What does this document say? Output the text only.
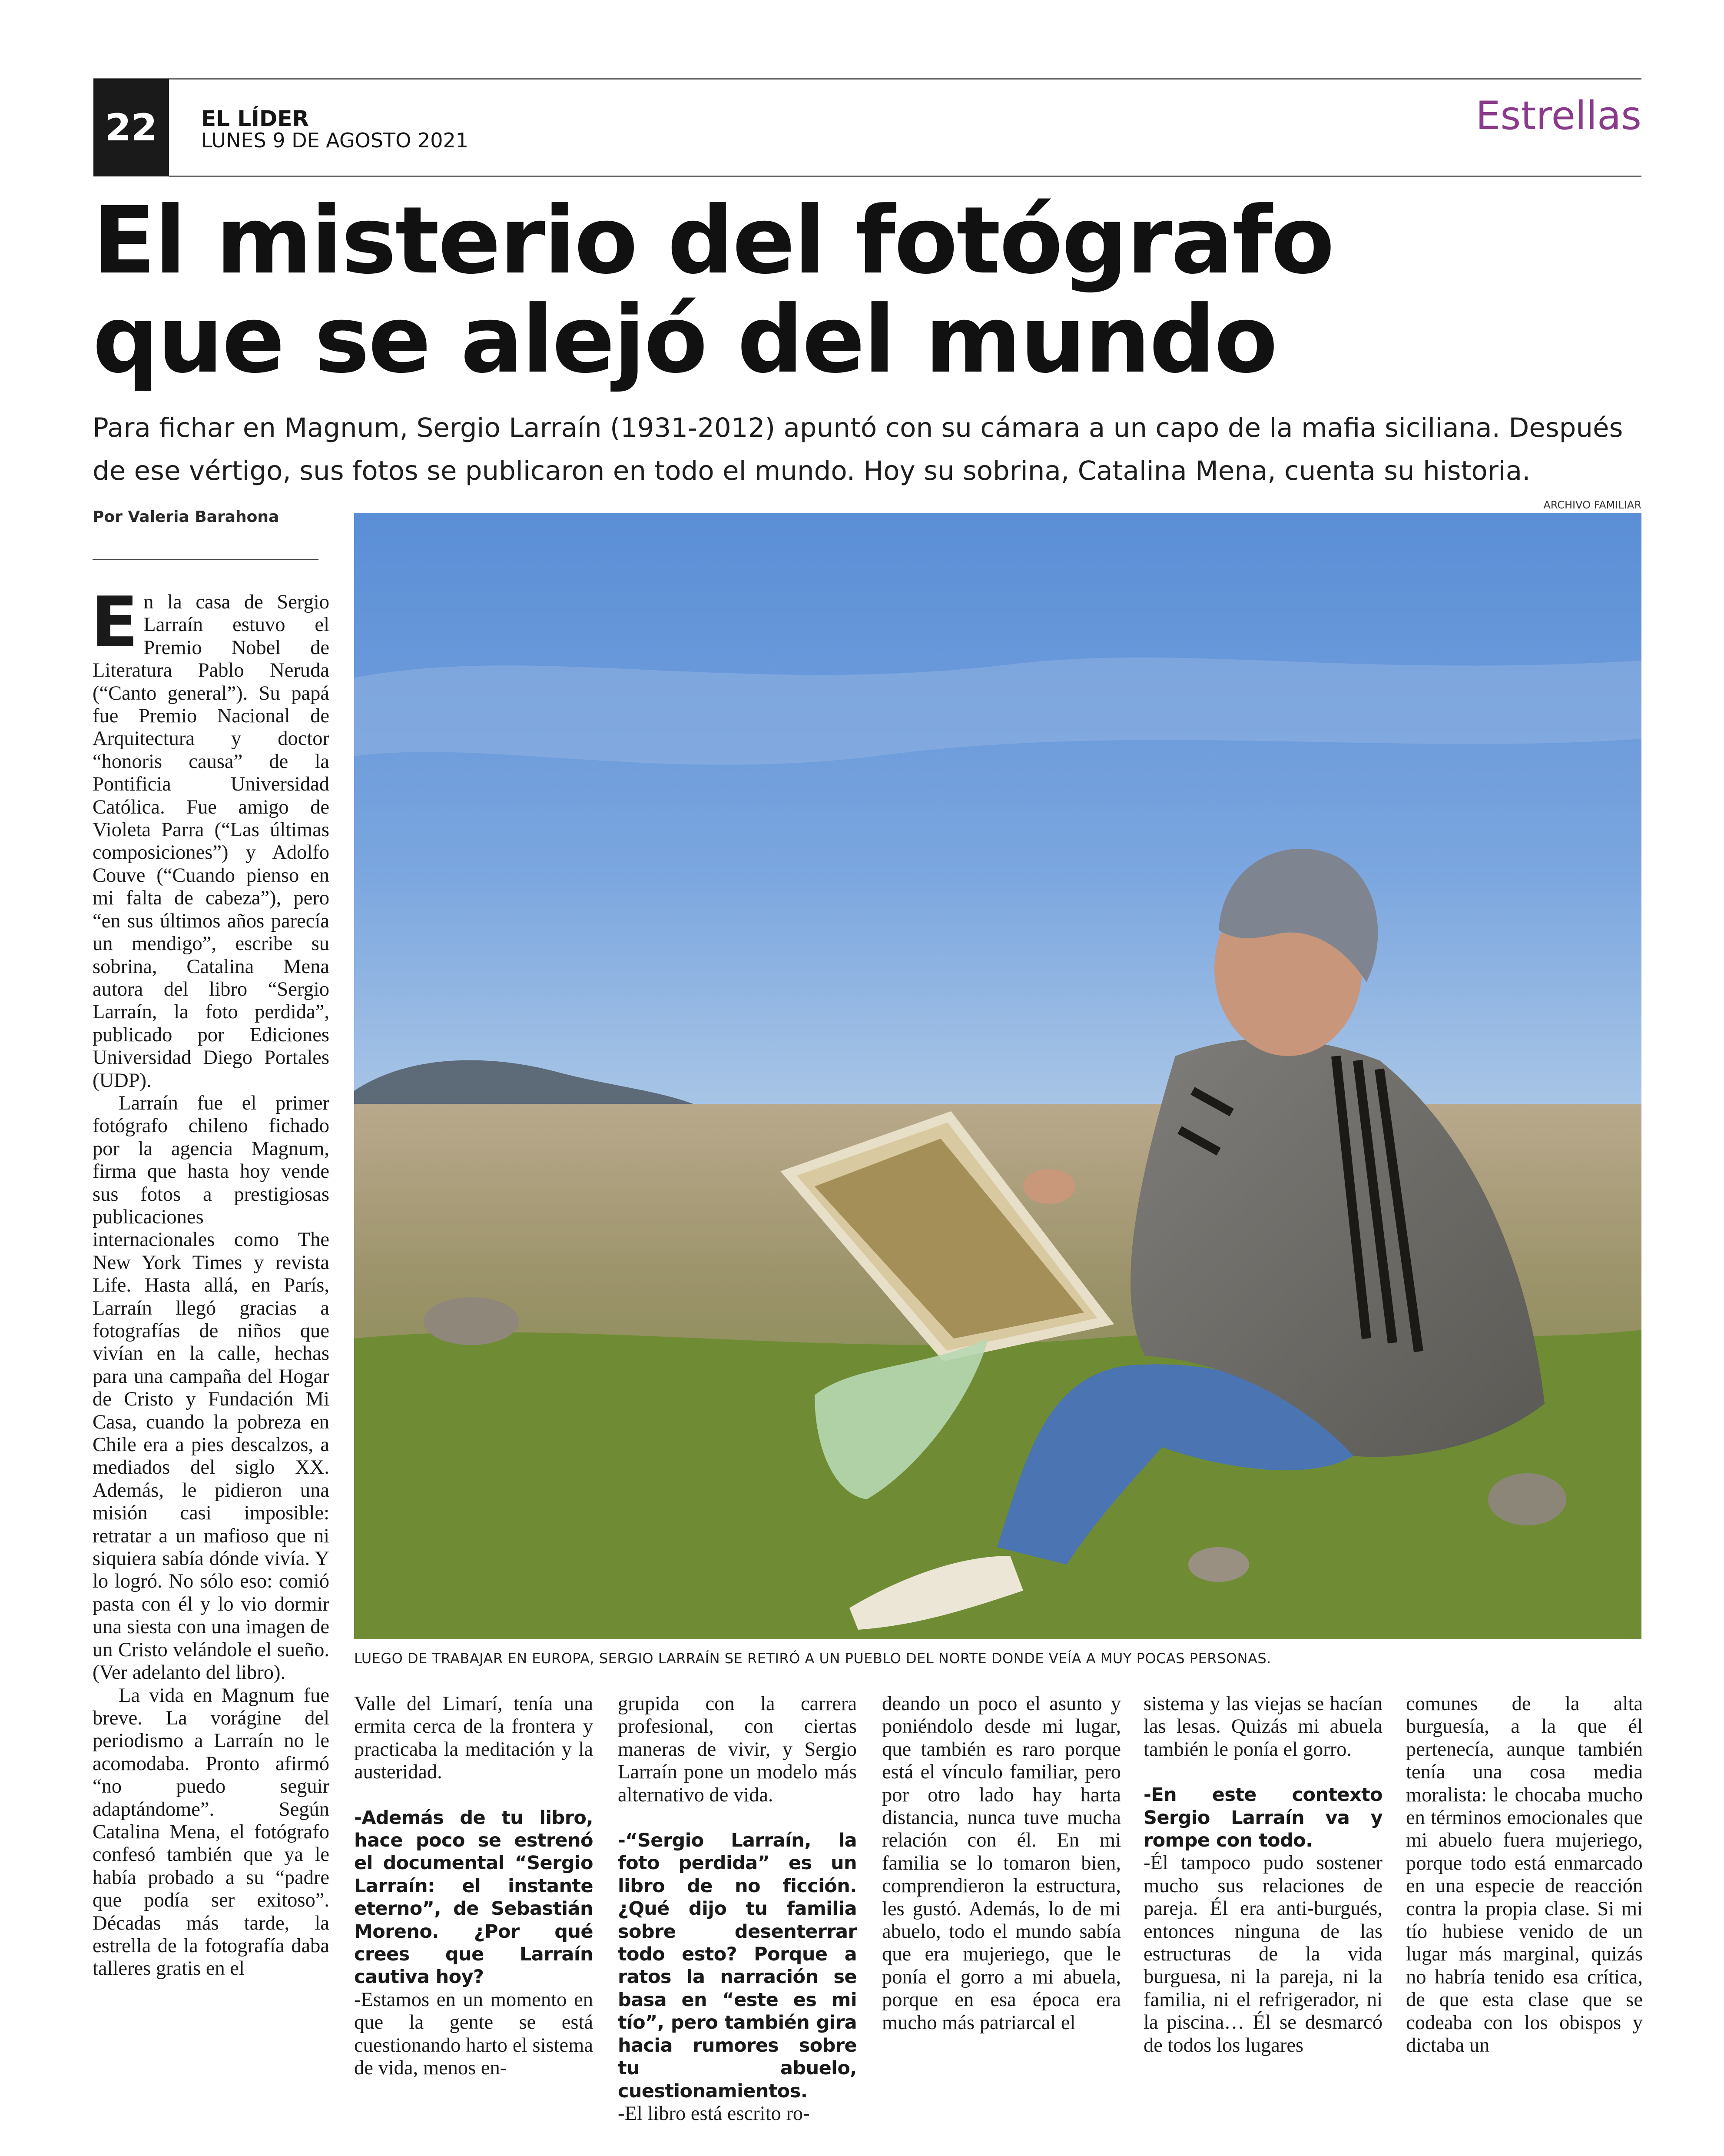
22	EL LÍDER
LUNES 9 DE AGOSTO 2021
Estrellas
El misterio del fotógrafo
que se alejó del mundo

Para fichar en Magnum, Sergio Larraín (1931-2012) apuntó con su cámara a un capo de la mafia siciliana. Después de ese vértigo, sus fotos se publicaron en todo el mundo. Hoy su sobrina, Catalina Mena, cuenta su historia.

Por Valeria Barahona
ARCHIVO FAMILIAR
LUEGO DE TRABAJAR EN EUROPA, SERGIO LARRAÍN SE RETIRÓ A UN PUEBLO DEL NORTE DONDE VEÍA A MUY POCAS PERSONAS.

En la casa de Sergio Larraín estuvo el Premio Nobel de Literatura Pablo Neruda (“Canto general”). Su papá fue Premio Nacional de Arquitectura y doctor “honoris causa” de la Pontificia Universidad Católica. Fue amigo de Violeta Parra (“Las últimas composiciones”) y Adolfo Couve (“Cuando pienso en mi falta de cabeza”), pero “en sus últimos años parecía un mendigo”, escribe su sobrina, Catalina Mena autora del libro “Sergio Larraín, la foto perdida”, publicado por Ediciones Universidad Diego Portales (UDP).

Larraín fue el primer fotógrafo chileno fichado por la agencia Magnum, firma que hasta hoy vende sus fotos a prestigiosas publicaciones internacionales como The New York Times y revista Life. Hasta allá, en París, Larraín llegó gracias a fotografías de niños que vivían en la calle, hechas para una campaña del Hogar de Cristo y Fundación Mi Casa, cuando la pobreza en Chile era a pies descalzos, a mediados del siglo XX. Además, le pidieron una misión casi imposible: retratar a un mafioso que ni siquiera sabía dónde vivía. Y lo logró. No sólo eso: comió pasta con él y lo vio dormir una siesta con una imagen de un Cristo velándole el sueño. (Ver adelanto del libro).

La vida en Magnum fue breve. La vorágine del periodismo a Larraín no le acomodaba. Pronto afirmó “no puedo seguir adaptándome”. Según Catalina Mena, el fotógrafo confesó también que ya le había probado a su “padre que podía ser exitoso”. Décadas más tarde, la estrella de la fotografía daba talleres gratis en el

Valle del Limarí, tenía una ermita cerca de la frontera y practicaba la meditación y la austeridad.

-Además de tu libro, hace poco se estrenó el documental “Sergio Larraín: el instante eterno”, de Sebastián Moreno. ¿Por qué crees que Larraín cautiva hoy?

-Estamos en un momento en que la gente se está cuestionando harto el sistema de vida, menos en-

grupida con la carrera profesional, con ciertas maneras de vivir, y Sergio Larraín pone un modelo más alternativo de vida.

-“Sergio Larraín, la foto perdida” es un libro de no ficción. ¿Qué dijo tu familia sobre desenterrar todo esto? Porque a ratos la narración se basa en “este es mi tío”, pero también gira hacia rumores sobre tu abuelo, cuestionamientos.

-El libro está escrito ro-

deando un poco el asunto y poniéndolo desde mi lugar, que también es raro porque está el vínculo familiar, pero por otro lado hay harta distancia, nunca tuve mucha relación con él. En mi familia se lo tomaron bien, comprendieron la estructura, les gustó. Además, lo de mi abuelo, todo el mundo sabía que era mujeriego, que le ponía el gorro a mi abuela, porque en esa época era mucho más patriarcal el

sistema y las viejas se hacían las lesas. Quizás mi abuela también le ponía el gorro.

-En este contexto Sergio Larraín va y rompe con todo.

-Él tampoco pudo sostener mucho sus relaciones de pareja. Él era anti-burgués, entonces ninguna de las estructuras de la vida burguesa, ni la pareja, ni la familia, ni el refrigerador, ni la piscina… Él se desmarcó de todos los lugares

comunes de la alta burguesía, a la que él pertenecía, aunque también tenía una cosa media moralista: le chocaba mucho en términos emocionales que mi abuelo fuera mujeriego, porque todo está enmarcado en una especie de reacción contra la propia clase. Si mi tío hubiese venido de un lugar más marginal, quizás no habría tenido esa crítica, de que esta clase que se codeaba con los obispos y dictaba un
